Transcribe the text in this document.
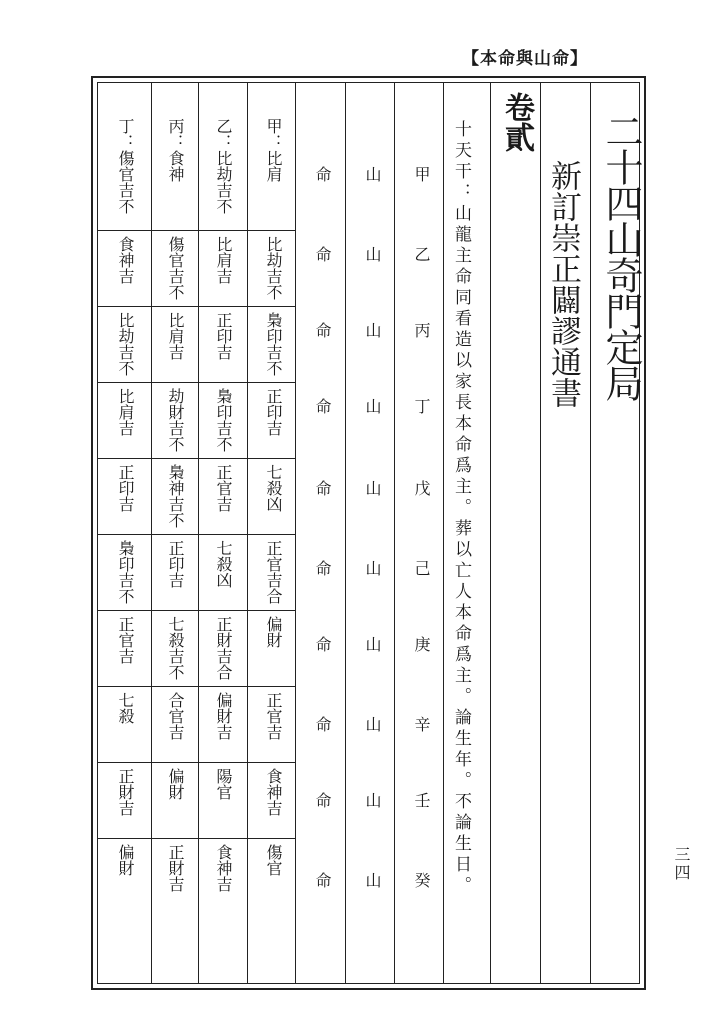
【本命與山命】
二十四山奇門定局
新訂崇正闢謬通書
卷貳
十天干：山龍主命同看造以家長本命爲主。葬以亡人本命爲主。論生年。不論生日。	三四
甲
山
命
甲：比肩
乙：比劫吉不
丙：食神
丁：傷官吉不
乙
山
命
比劫吉不
比肩吉
傷官吉不
食神吉
丙
山
命
梟印吉不
正印吉
比肩吉
比劫吉不
丁
山
命
正印吉
梟印吉不
劫財吉不
比肩吉
戊
山
命
七殺凶
正官吉
梟神吉不
正印吉
己
山
命
正官吉合
七殺凶
正印吉
梟印吉不
庚
山
命
偏財
正財吉合
七殺吉不
正官吉
辛
山
命
正官吉
偏財吉
合官吉
七殺
壬
山
命
食神吉
陽官
偏財
正財吉
癸
山
命
傷官
食神吉
正財吉
偏財
